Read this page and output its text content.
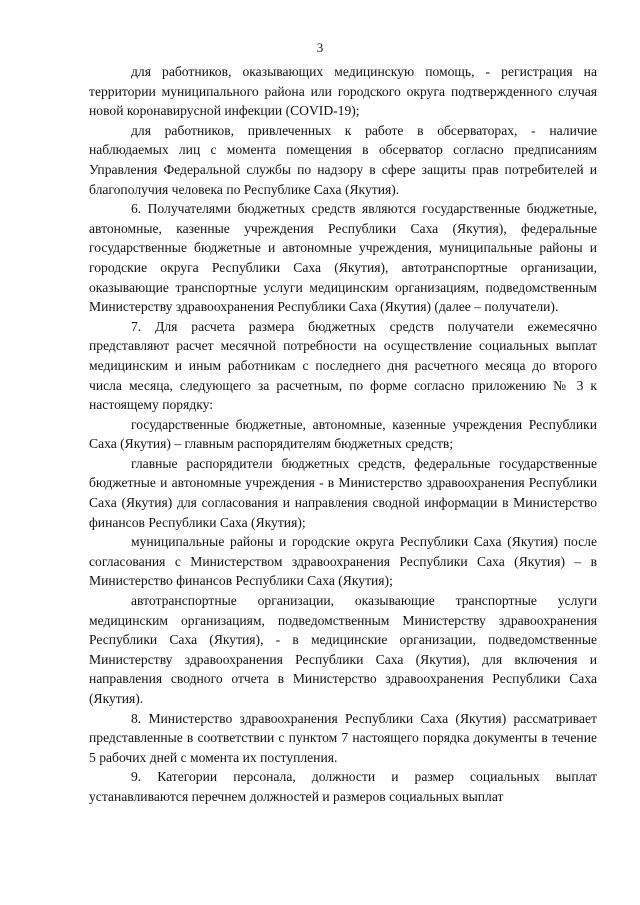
3

для работников, оказывающих медицинскую помощь, - регистрация на территории муниципального района или городского округа подтвержденного случая новой коронавирусной инфекции (COVID-19);

для работников, привлеченных к работе в обсерваторах, - наличие наблюдаемых лиц с момента помещения в обсерватор согласно предписаниям Управления Федеральной службы по надзору в сфере защиты прав потребителей и благополучия человека по Республике Саха (Якутия).

6. Получателями бюджетных средств являются государственные бюджетные, автономные, казенные учреждения Республики Саха (Якутия), федеральные государственные бюджетные и автономные учреждения, муниципальные районы и городские округа Республики Саха (Якутия), автотранспортные организации, оказывающие транспортные услуги медицинским организациям, подведомственным Министерству здравоохранения Республики Саха (Якутия) (далее – получатели).

7. Для расчета размера бюджетных средств получатели ежемесячно представляют расчет месячной потребности на осуществление социальных выплат медицинским и иным работникам с последнего дня расчетного месяца до второго числа месяца, следующего за расчетным, по форме согласно приложению № 3 к настоящему порядку:

государственные бюджетные, автономные, казенные учреждения Республики Саха (Якутия) – главным распорядителям бюджетных средств;

главные распорядители бюджетных средств, федеральные государственные бюджетные и автономные учреждения - в Министерство здравоохранения Республики Саха (Якутия) для согласования и направления сводной информации в Министерство финансов Республики Саха (Якутия);

муниципальные районы и городские округа Республики Саха (Якутия) после согласования с Министерством здравоохранения Республики Саха (Якутия) – в Министерство финансов Республики Саха (Якутия);

автотранспортные организации, оказывающие транспортные услуги медицинским организациям, подведомственным Министерству здравоохранения Республики Саха (Якутия), - в медицинские организации, подведомственные Министерству здравоохранения Республики Саха (Якутия), для включения и направления сводного отчета в Министерство здравоохранения Республики Саха (Якутия).

8. Министерство здравоохранения Республики Саха (Якутия) рассматривает представленные в соответствии с пунктом 7 настоящего порядка документы в течение 5 рабочих дней с момента их поступления.

9. Категории персонала, должности и размер социальных выплат устанавливаются перечнем должностей и размеров социальных выплат
